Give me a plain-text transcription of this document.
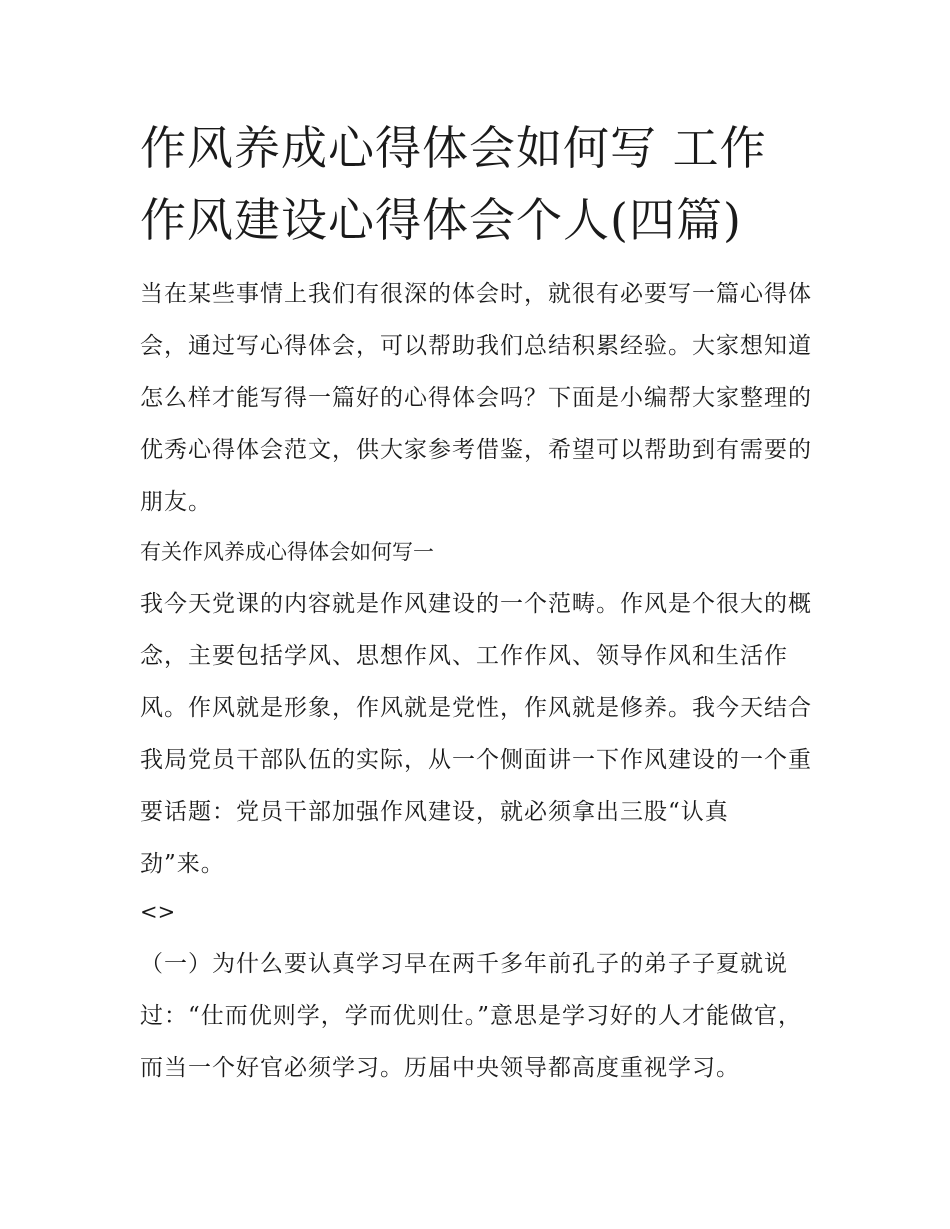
作风养成心得体会如何写 工作作风建设心得体会个人(四篇)

当在某些事情上我们有很深的体会时，就很有必要写一篇心得体会，通过写心得体会，可以帮助我们总结积累经验。大家想知道怎么样才能写得一篇好的心得体会吗？下面是小编帮大家整理的优秀心得体会范文，供大家参考借鉴，希望可以帮助到有需要的朋友。

有关作风养成心得体会如何写一

我今天党课的内容就是作风建设的一个范畴。作风是个很大的概念，主要包括学风、思想作风、工作作风、领导作风和生活作风。作风就是形象，作风就是党性，作风就是修养。我今天结合我局党员干部队伍的实际，从一个侧面讲一下作风建设的一个重要话题：党员干部加强作风建设，就必须拿出三股“认真劲”来。

<>

（一）为什么要认真学习早在两千多年前孔子的弟子子夏就说过：“仕而优则学，学而优则仕。”意思是学习好的人才能做官，而当一个好官必须学习。历届中央领导都高度重视学习。
